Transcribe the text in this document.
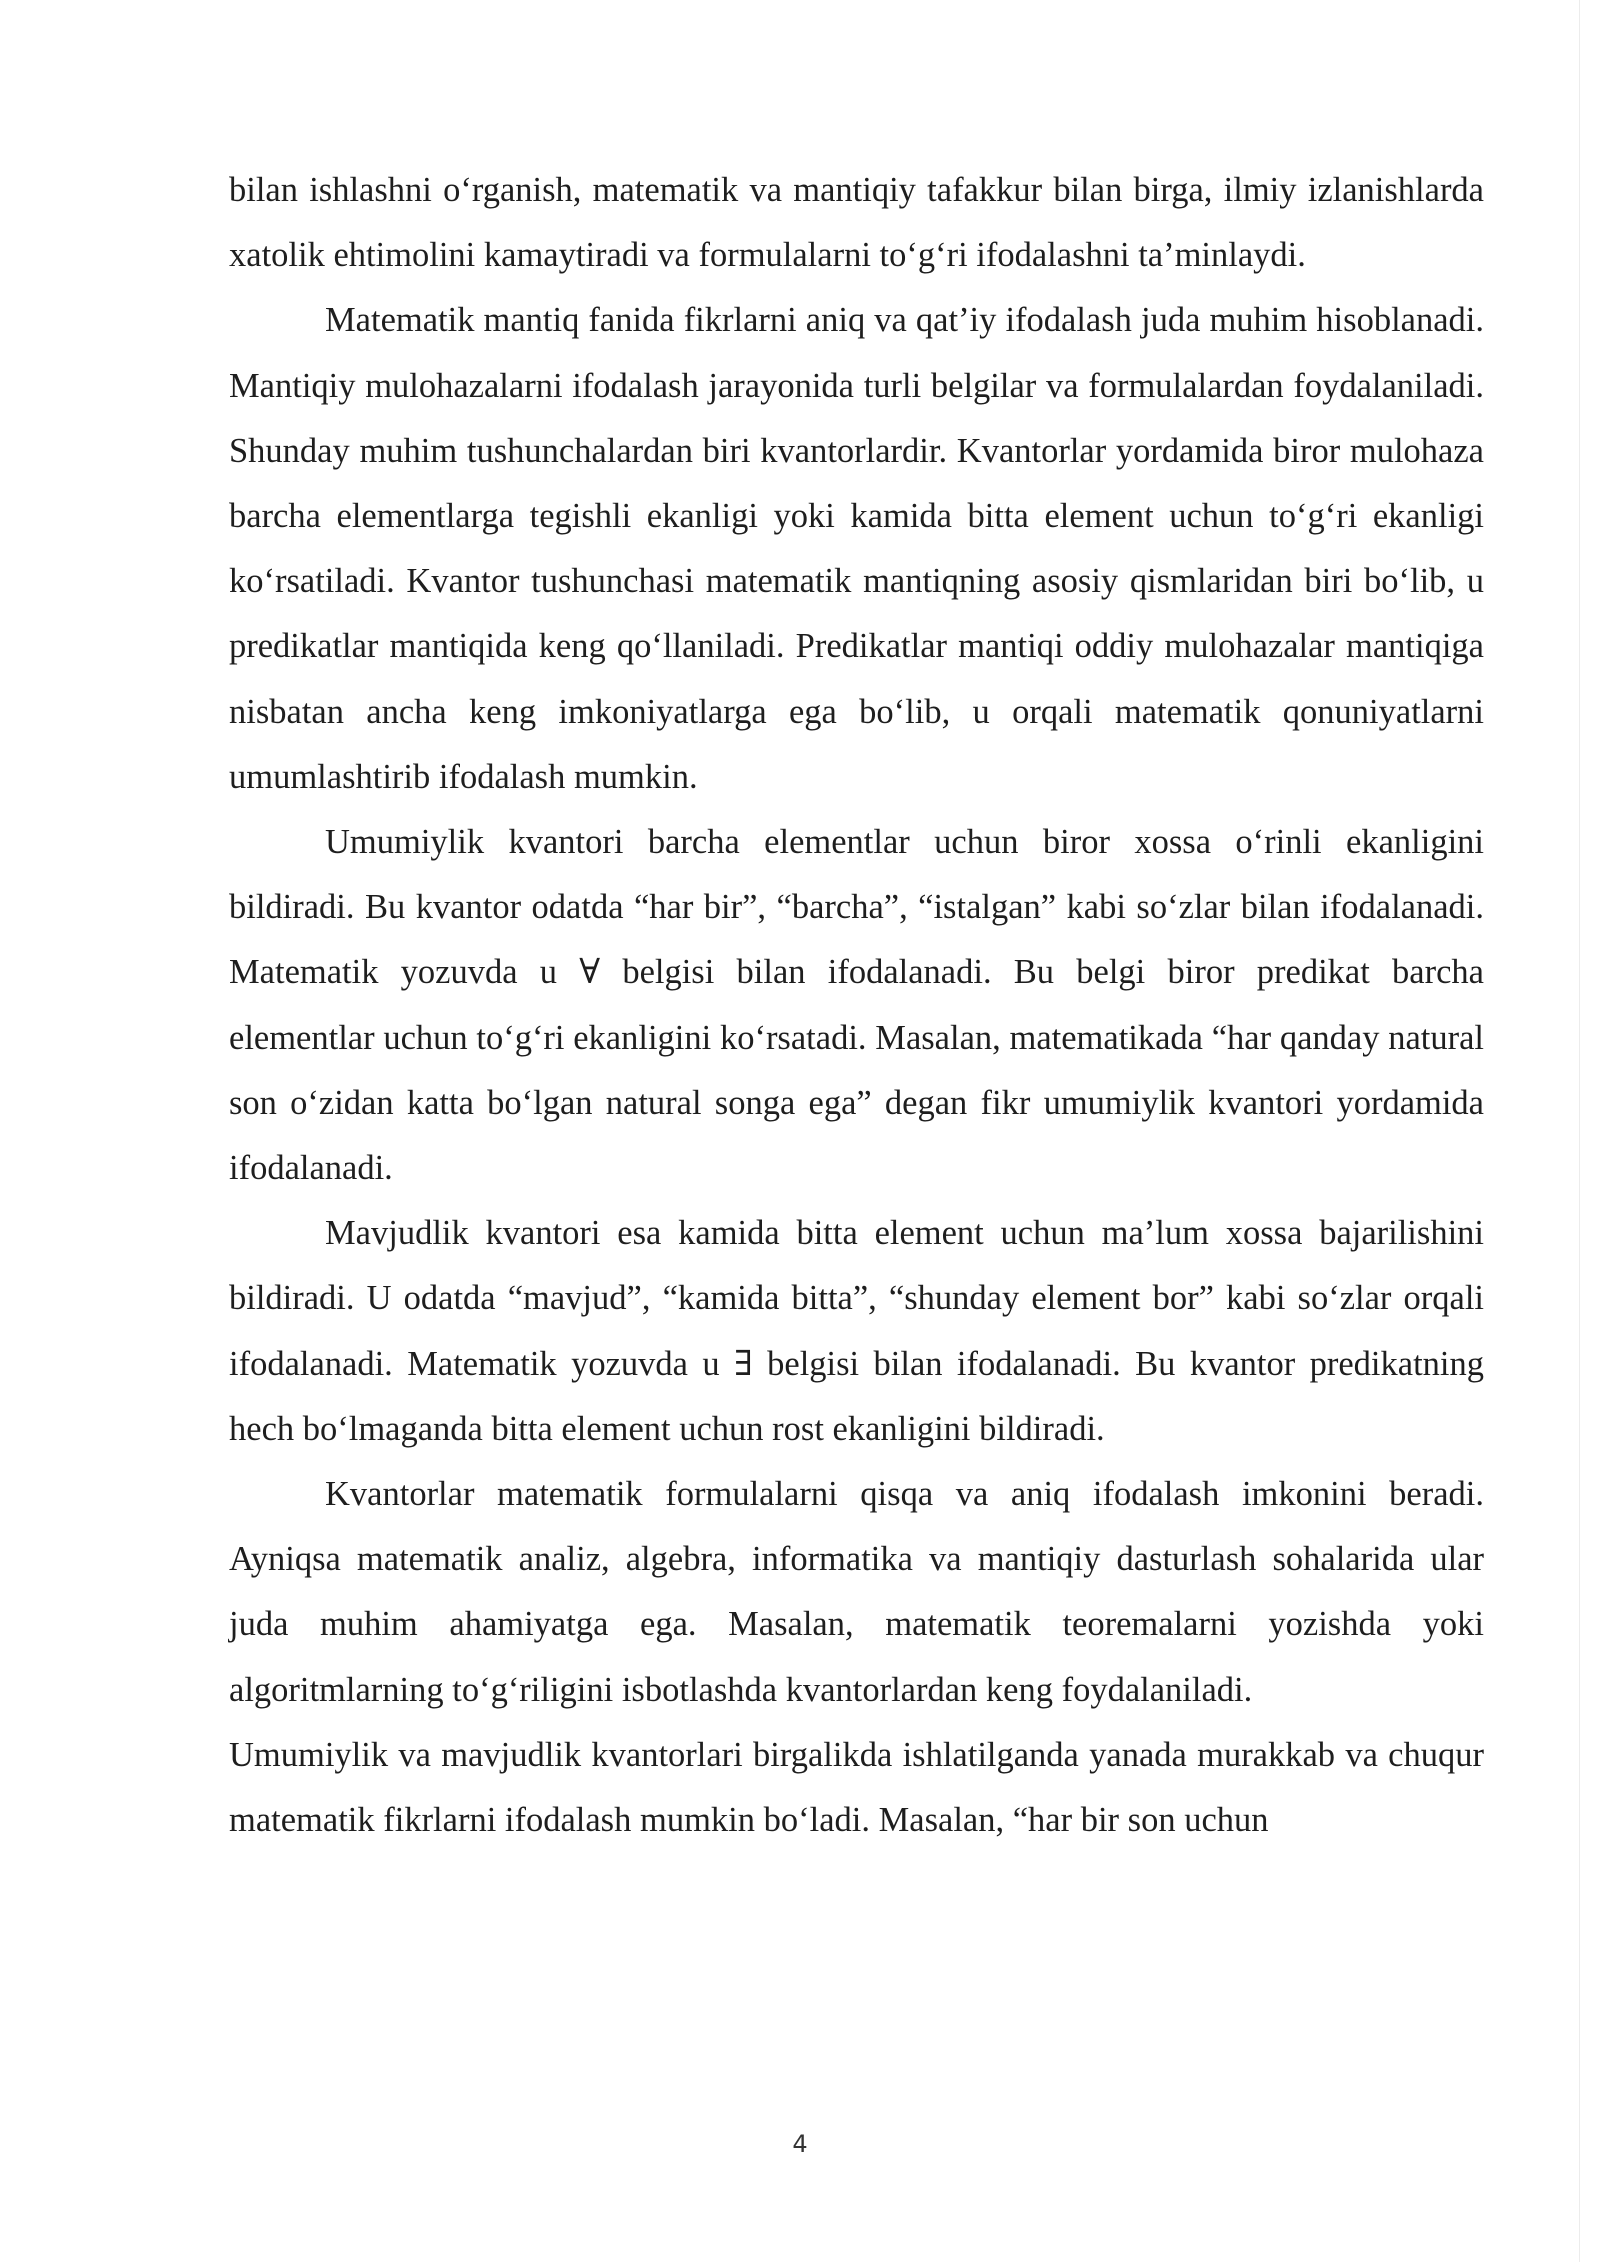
bilan ishlashni o‘rganish, matematik va mantiqiy tafakkur bilan birga, ilmiy izlanishlarda xatolik ehtimolini kamaytiradi va formulalarni to‘g‘ri ifodalashni ta’minlaydi.

Matematik mantiq fanida fikrlarni aniq va qat’iy ifodalash juda muhim hisoblanadi. Mantiqiy mulohazalarni ifodalash jarayonida turli belgilar va formulalardan foydalaniladi. Shunday muhim tushunchalardan biri kvantorlardir. Kvantorlar yordamida biror mulohaza barcha elementlarga tegishli ekanligi yoki kamida bitta element uchun to‘g‘ri ekanligi ko‘rsatiladi. Kvantor tushunchasi matematik mantiqning asosiy qismlaridan biri bo‘lib, u predikatlar mantiqida keng qo‘llaniladi. Predikatlar mantiqi oddiy mulohazalar mantiqiga nisbatan ancha keng imkoniyatlarga ega bo‘lib, u orqali matematik qonuniyatlarni umumlashtirib ifodalash mumkin.

Umumiylik kvantori barcha elementlar uchun biror xossa o‘rinli ekanligini bildiradi. Bu kvantor odatda “har bir”, “barcha”, “istalgan” kabi so‘zlar bilan ifodalanadi. Matematik yozuvda u ∀ belgisi bilan ifodalanadi. Bu belgi biror predikat barcha elementlar uchun to‘g‘ri ekanligini ko‘rsatadi. Masalan, matematikada “har qanday natural son o‘zidan katta bo‘lgan natural songa ega” degan fikr umumiylik kvantori yordamida ifodalanadi.

Mavjudlik kvantori esa kamida bitta element uchun ma’lum xossa bajarilishini bildiradi. U odatda “mavjud”, “kamida bitta”, “shunday element bor” kabi so‘zlar orqali ifodalanadi. Matematik yozuvda u ∃ belgisi bilan ifodalanadi. Bu kvantor predikatning hech bo‘lmaganda bitta element uchun rost ekanligini bildiradi.

Kvantorlar matematik formulalarni qisqa va aniq ifodalash imkonini beradi. Ayniqsa matematik analiz, algebra, informatika va mantiqiy dasturlash sohalarida ular juda muhim ahamiyatga ega. Masalan, matematik teoremalarni yozishda yoki algoritmlarning to‘g‘riligini isbotlashda kvantorlardan keng foydalaniladi.

Umumiylik va mavjudlik kvantorlari birgalikda ishlatilganda yanada murakkab va chuqur matematik fikrlarni ifodalash mumkin bo‘ladi. Masalan, “har bir son uchun

4
